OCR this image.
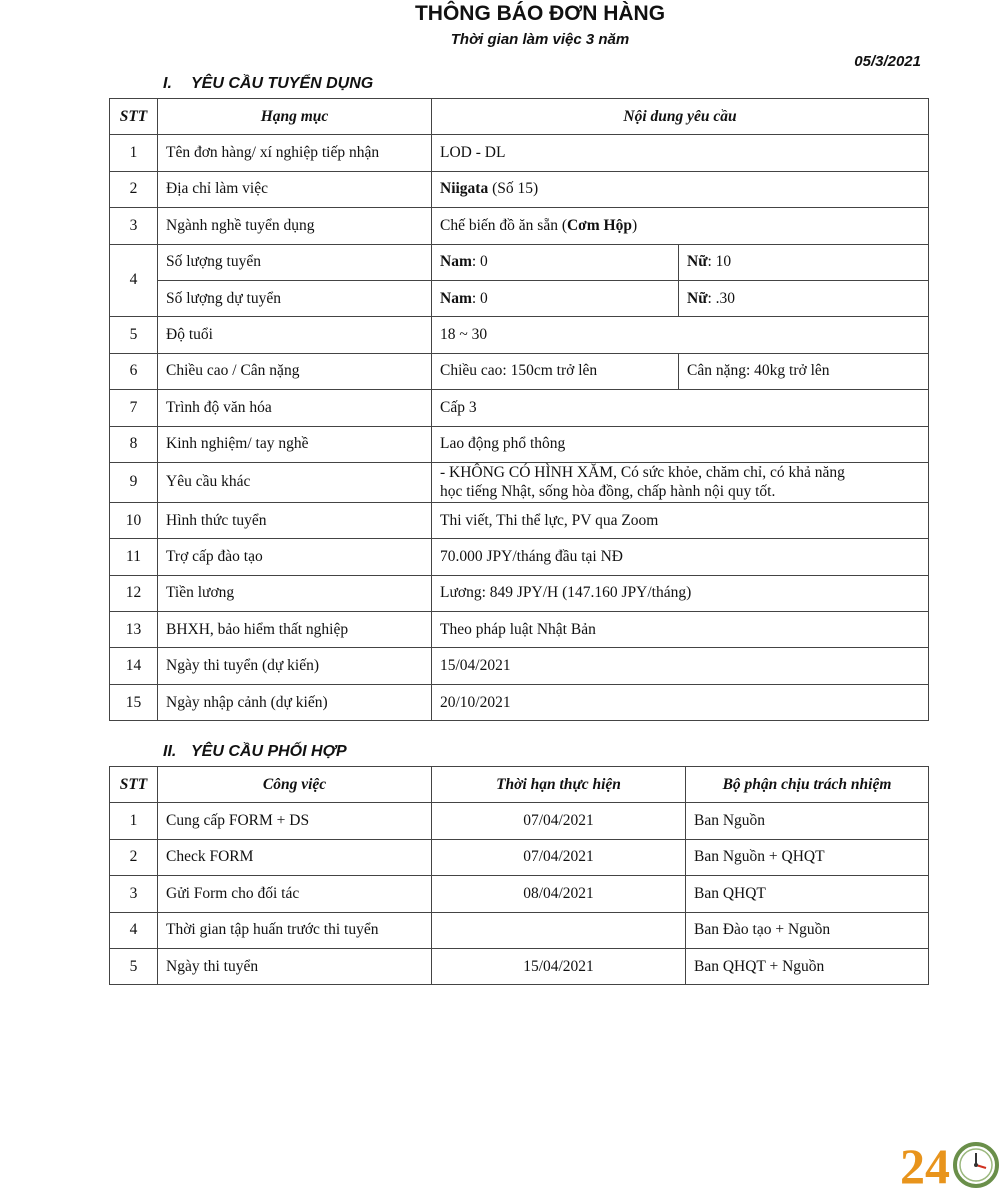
THÔNG BÁO ĐƠN HÀNG
Thời gian làm việc 3 năm
05/3/2021
I. YÊU CẦU TUYỂN DỤNG
STT	Hạng mục	Nội dung yêu cầu	
1	Tên đơn hàng/ xí nghiệp tiếp nhận	LOD - DL	
2	Địa chỉ làm việc	Niigata (Số 15)	
3	Ngành nghề tuyển dụng	Chế biến đồ ăn sẵn (Cơm Hộp)	
4	Số lượng tuyển	Nam: 0	Nữ: 10
	Số lượng dự tuyển	Nam: 0	Nữ: .30
5	Độ tuổi	18 ~ 30	
6	Chiều cao / Cân nặng	Chiều cao: 150cm trở lên	Cân nặng: 40kg trở lên
7	Trình độ văn hóa	Cấp 3	
8	Kinh nghiệm/ tay nghề	Lao động phổ thông	
9	Yêu cầu khác	- KHÔNG CÓ HÌNH XĂM, Có sức khỏe, chăm chỉ, có khả năng
học tiếng Nhật, sống hòa đồng, chấp hành nội quy tốt.	

10	Hình thức tuyển	Thi viết, Thi thể lực, PV qua Zoom	
11	Trợ cấp đào tạo	70.000 JPY/tháng đầu tại NĐ	
12	Tiền lương	Lương: 849 JPY/H (147.160 JPY/tháng)	
13	BHXH, bảo hiểm thất nghiệp	Theo pháp luật Nhật Bản	
14	Ngày thi tuyển (dự kiến)	15/04/2021	
15	Ngày nhập cảnh (dự kiến)	20/10/2021	
II. YÊU CẦU PHỐI HỢP
STT	Công việc	Thời hạn thực hiện	Bộ phận chịu trách nhiệm
1	Cung cấp FORM + DS	07/04/2021	Ban Nguồn
2	Check FORM	07/04/2021	Ban Nguồn + QHQT
3	Gửi Form cho đối tác	08/04/2021	Ban QHQT
4	Thời gian tập huấn trước thi tuyển		Ban Đào tạo + Nguồn
5	Ngày thi tuyển	15/04/2021	Ban QHQT + Nguồn
24
